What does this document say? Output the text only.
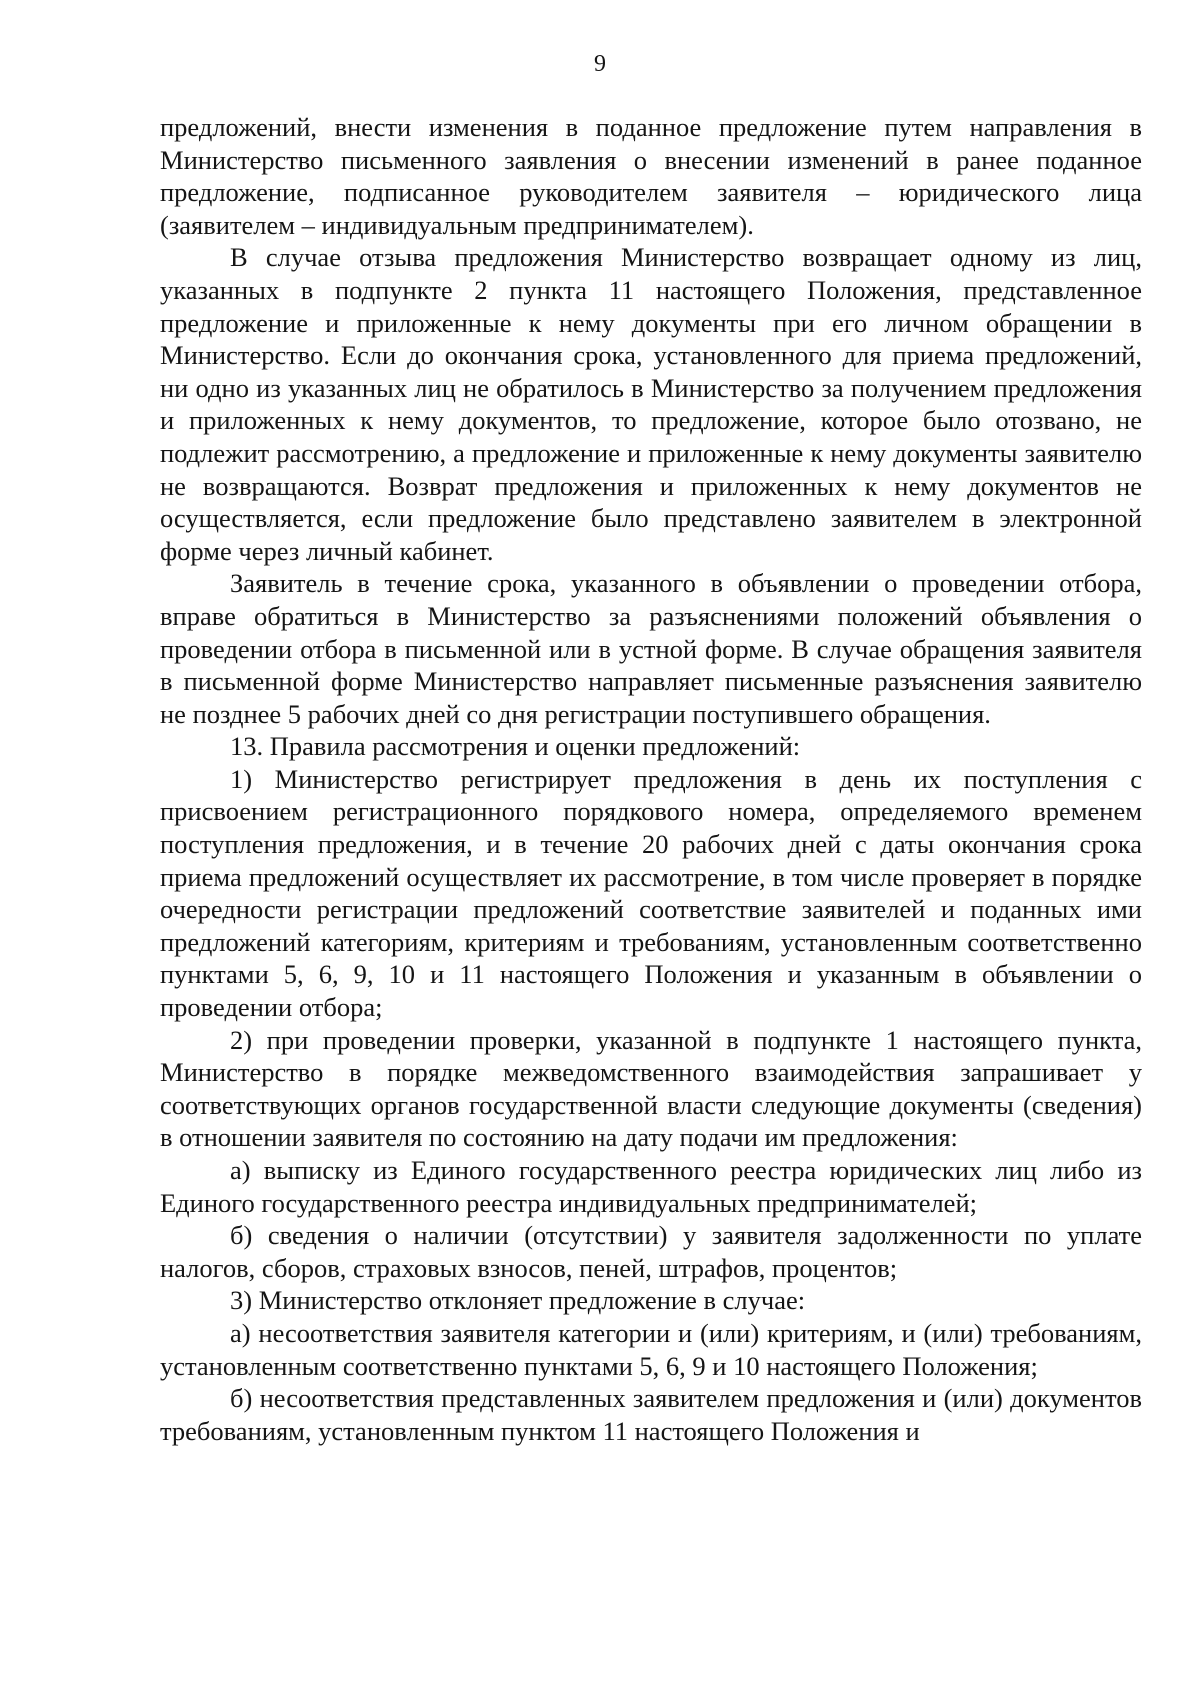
9

предложений, внести изменения в поданное предложение путем направления в Министерство письменного заявления о внесении изменений в ранее поданное предложение, подписанное руководителем заявителя – юридического лица (заявителем – индивидуальным предпринимателем).

В случае отзыва предложения Министерство возвращает одному из лиц, указанных в подпункте 2 пункта 11 настоящего Положения, представленное предложение и приложенные к нему документы при его личном обращении в Министерство. Если до окончания срока, установленного для приема предложений, ни одно из указанных лиц не обратилось в Министерство за получением предложения и приложенных к нему документов, то предложение, которое было отозвано, не подлежит рассмотрению, а предложение и приложенные к нему документы заявителю не возвращаются. Возврат предложения и приложенных к нему документов не осуществляется, если предложение было представлено заявителем в электронной форме через личный кабинет.

Заявитель в течение срока, указанного в объявлении о проведении отбора, вправе обратиться в Министерство за разъяснениями положений объявления о проведении отбора в письменной или в устной форме. В случае обращения заявителя в письменной форме Министерство направляет письменные разъяснения заявителю не позднее 5 рабочих дней со дня регистрации поступившего обращения.

13. Правила рассмотрения и оценки предложений:

1) Министерство регистрирует предложения в день их поступления с присвоением регистрационного порядкового номера, определяемого временем поступления предложения, и в течение 20 рабочих дней с даты окончания срока приема предложений осуществляет их рассмотрение, в том числе проверяет в порядке очередности регистрации предложений соответствие заявителей и поданных ими предложений категориям, критериям и требованиям, установленным соответственно пунктами 5, 6, 9, 10 и 11 настоящего Положения и указанным в объявлении о проведении отбора;

2) при проведении проверки, указанной в подпункте 1 настоящего пункта, Министерство в порядке межведомственного взаимодействия запрашивает у соответствующих органов государственной власти следующие документы (сведения) в отношении заявителя по состоянию на дату подачи им предложения:

а) выписку из Единого государственного реестра юридических лиц либо из Единого государственного реестра индивидуальных предпринимателей;

б) сведения о наличии (отсутствии) у заявителя задолженности по уплате налогов, сборов, страховых взносов, пеней, штрафов, процентов;

3) Министерство отклоняет предложение в случае:

а) несоответствия заявителя категории и (или) критериям, и (или) требованиям, установленным соответственно пунктами 5, 6, 9 и 10 настоящего Положения;

б) несоответствия представленных заявителем предложения и (или) документов требованиям, установленным пунктом 11 настоящего Положения и
